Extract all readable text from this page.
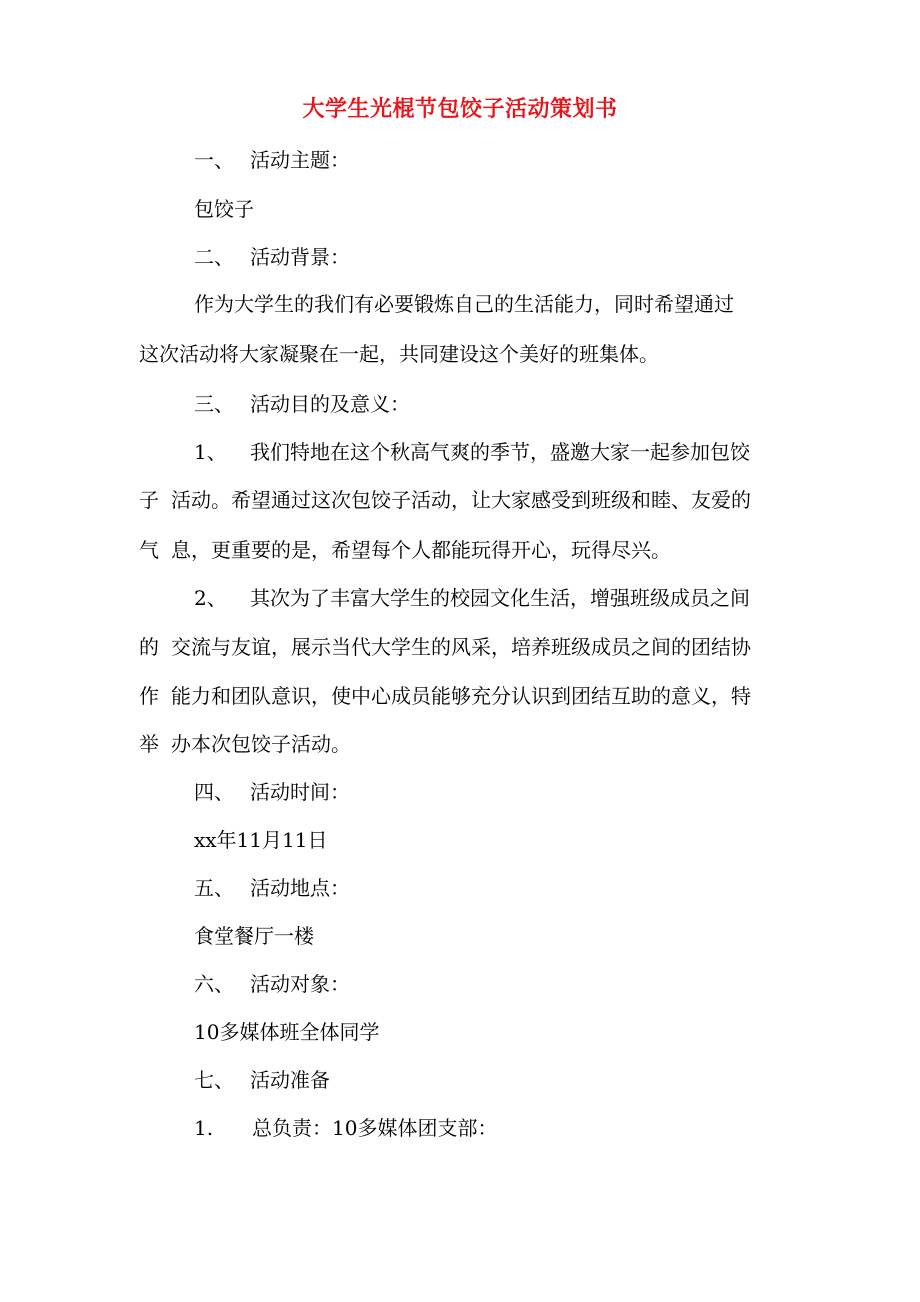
大学生光棍节包饺子活动策划书
一、 活动主题：
包饺子
二、 活动背景：
作为大学生的我们有必要锻炼自己的生活能力，同时希望通过
这次活动将大家凝聚在一起，共同建设这个美好的班集体。
三、 活动目的及意义：
1、 我们特地在这个秋高气爽的季节，盛邀大家一起参加包饺
子 活动。希望通过这次包饺子活动，让大家感受到班级和睦、友爱的
气 息，更重要的是，希望每个人都能玩得开心，玩得尽兴。
2、 其次为了丰富大学生的校园文化生活，增强班级成员之间
的 交流与友谊，展示当代大学生的风采，培养班级成员之间的团结协
作 能力和团队意识，使中心成员能够充分认识到团结互助的意义，特
举 办本次包饺子活动。
四、 活动时间：
xx年11月11日
五、 活动地点：
食堂餐厅一楼
六、 活动对象：
10多媒体班全体同学
七、 活动准备
1. 总负责：10多媒体团支部：
